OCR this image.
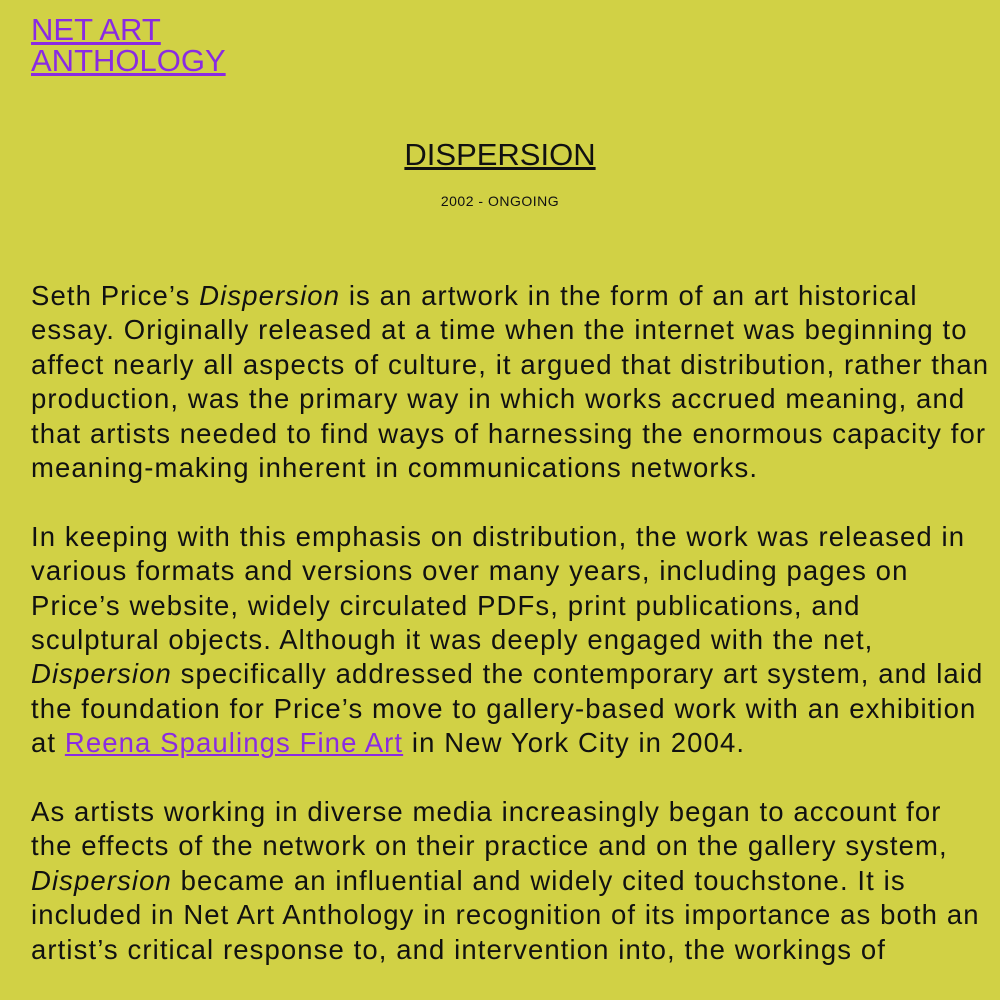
NET ART
ANTHOLOGY
DISPERSION
2002 - ONGOING

Seth Price’s Dispersion is an artwork in the form of an art historical essay. Originally released at a time when the internet was beginning to affect nearly all aspects of culture, it argued that distribution, rather than production, was the primary way in which works accrued meaning, and that artists needed to find ways of harnessing the enormous capacity for meaning-making inherent in communications networks.

In keeping with this emphasis on distribution, the work was released in various formats and versions over many years, including pages on Price’s website, widely circulated PDFs, print publications, and sculptural objects. Although it was deeply engaged with the net, Dispersion specifically addressed the contemporary art system, and laid the foundation for Price’s move to gallery-based work with an exhibition at Reena Spaulings Fine Art in New York City in 2004.

As artists working in diverse media increasingly began to account for the effects of the network on their practice and on the gallery system, Dispersion became an influential and widely cited touchstone. It is included in Net Art Anthology in recognition of its importance as both an artist’s critical response to, and intervention into, the workings of
